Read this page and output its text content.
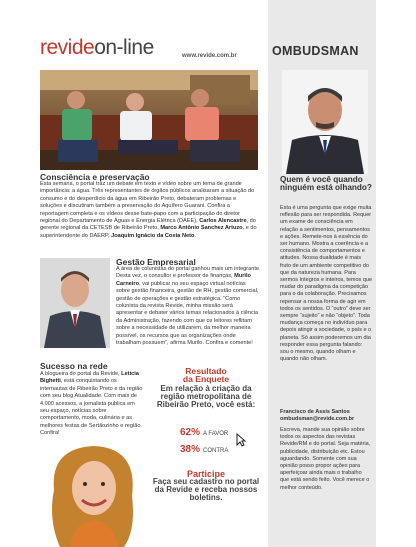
revideon-line	www.revide.com.br	OMBUDSMAN
Consciência e preservação
Esta semana, o portal traz um debate em texto e vídeo sobre um tema de grande importância: a água. Três representantes de órgãos públicos analisaram a situação do consumo e do desperdício da água em Ribeirão Preto, debateram problemas e soluções e discutiram também a preservação do Aquífero Guarani. Confira a reportagem completa e os vídeos desse bate-papo com a participação do diretor regional do Departamento de Águas e Energia Elétrica (DAEE), Carlos Alencastre, do gerente regional da CETESB de Ribeirão Preto, Marco Antônio Sanchez Artuzo, e do superintendente do DAERP, Joaquim Ignácio da Costa Neto.
Gestão Empresarial
A área de colunistas do portal ganhou mais um integrante. Desta vez, o consultor e professor de finanças, Murilo Carneiro, vai publicar no seu espaço virtual notícias sobre gestão financeira, gestão de RH, gestão comercial, gestão de operações e gestão estratégica. “Como colunista da revista Revide, minha missão será apresentar e debater vários temas relacionados à ciência da Administração, fazendo com que os leitores reflitam sobre a necessidade de utilizarem, da melhor maneira possível, os recursos que as organizações onde trabalham possuem”, afirma Murilo. Confira e comente!
Sucesso na rede
A blogueira do portal da Revide, Letícia Bighetti, está conquistando os internautas de Ribeirão Preto e da região com seu blog Atualidade. Com mais de 4.000 acessos, a jornalista publica em seu espaço, notícias sobre comportamento, moda, culinária e as melhores festas de Sertãozinho e região. Confira!
Resultado
da Enquete
Em relação à criação da região metropolitana de Ribeirão Preto, você está:
62% A FAVOR
38% CONTRA
Participe
Faça seu cadastro no portal da Revide e receba nossos boletins.
Quem é você quando ninguém está olhando?
Esta é uma pergunta que exige muita reflexão para ser respondida. Requer um exame de consciência em relação a sentimentos, pensamentos e ações. Remete-nos à essência do ser humano. Mostra a coerência e a consistência de comportamentos e atitudes. Nossa dualidade é mais fruto de um ambiente competitivo do que da natureza humana. Para sermos íntegros e inteiros, temos que mudar do paradigma da competição para o da colaboração. Precisamos repensar a nossa forma de agir em todos os sentidos. O “outro” deve ser sempre “sujeito” e não “objeto”. Toda mudança começa no indivíduo para depois atingir a sociedade, o país e o planeta. Só assim poderemos um dia responder essa pergunta falando: sou o mesmo, quando olham e quando não olham.
Francisco de Assis Santos
ombudsman@revide.com.br
Escreva, mande sua opinião sobre todos os aspectos das revistas Revide/RM e do portal. Seja matéria, publicidade, distribuição etc. Estou aguardando. Somente com sua opinião posso propor ações para aperfeiçoar ainda mais o trabalho que está sendo feito. Você merece o melhor conteúdo.
